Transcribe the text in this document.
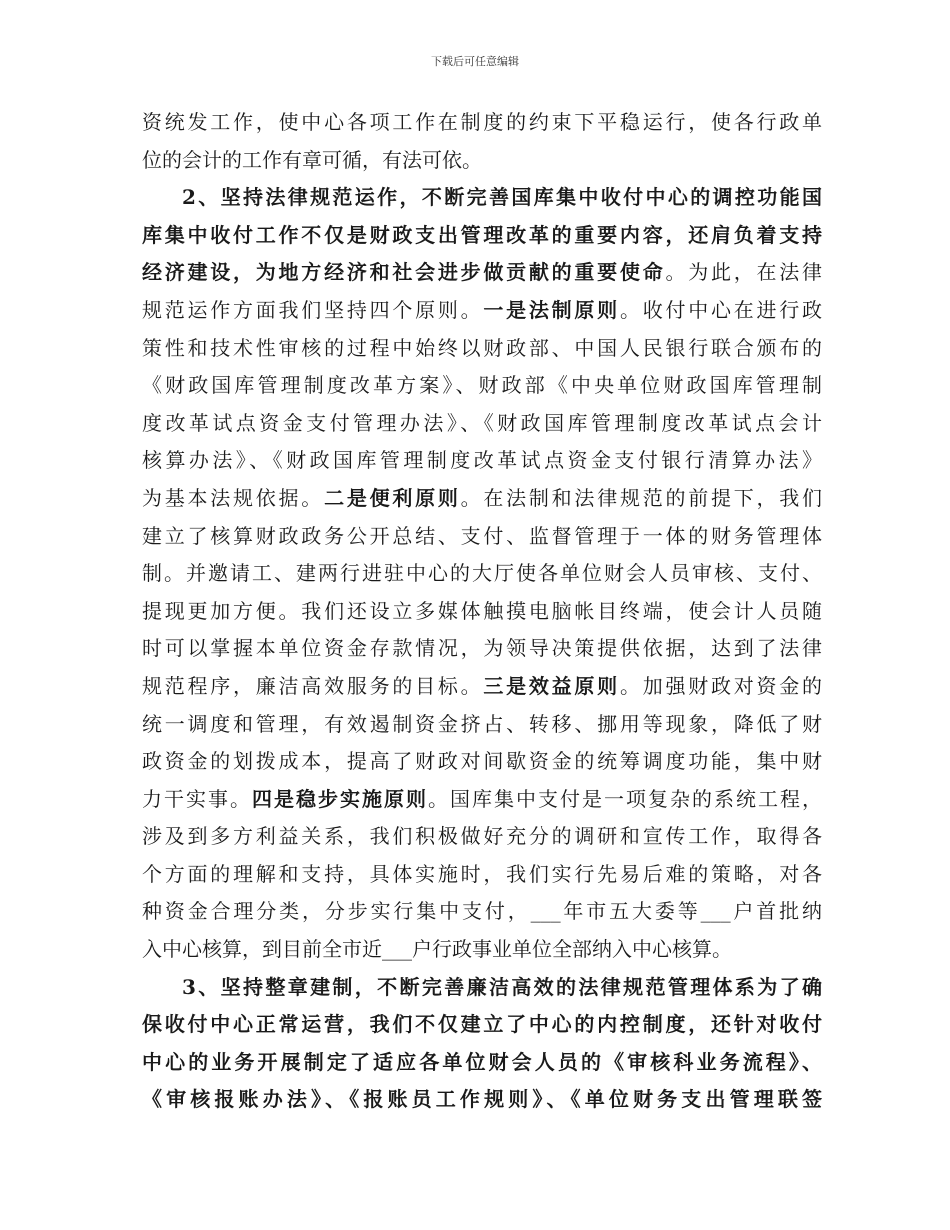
下载后可任意编辑
资统发工作，使中心各项工作在制度的约束下平稳运行，使各行政单
位的会计的工作有章可循，有法可依。
2、坚持法律规范运作，不断完善国库集中收付中心的调控功能国
库集中收付工作不仅是财政支出管理改革的重要内容，还肩负着支持
经济建设，为地方经济和社会进步做贡献的重要使命。为此，在法律
规范运作方面我们坚持四个原则。一是法制原则。收付中心在进行政
策性和技术性审核的过程中始终以财政部、中国人民银行联合颁布的
《财政国库管理制度改革方案》、财政部《中央单位财政国库管理制
度改革试点资金支付管理办法》、《财政国库管理制度改革试点会计
核算办法》、《财政国库管理制度改革试点资金支付银行清算办法》
为基本法规依据。二是便利原则。在法制和法律规范的前提下，我们
建立了核算财政政务公开总结、支付、监督管理于一体的财务管理体
制。并邀请工、建两行进驻中心的大厅使各单位财会人员审核、支付、
提现更加方便。我们还设立多媒体触摸电脑帐目终端，使会计人员随
时可以掌握本单位资金存款情况，为领导决策提供依据，达到了法律
规范程序，廉洁高效服务的目标。三是效益原则。加强财政对资金的
统一调度和管理，有效遏制资金挤占、转移、挪用等现象，降低了财
政资金的划拨成本，提高了财政对间歇资金的统筹调度功能，集中财
力干实事。四是稳步实施原则。国库集中支付是一项复杂的系统工程，
涉及到多方利益关系，我们积极做好充分的调研和宣传工作，取得各
个方面的理解和支持，具体实施时，我们实行先易后难的策略，对各
种资金合理分类，分步实行集中支付，___年市五大委等___户首批纳
入中心核算，到目前全市近___户行政事业单位全部纳入中心核算。
3、坚持整章建制，不断完善廉洁高效的法律规范管理体系为了确
保收付中心正常运营，我们不仅建立了中心的内控制度，还针对收付
中心的业务开展制定了适应各单位财会人员的《审核科业务流程》、
《审核报账办法》、《报账员工作规则》、《单位财务支出管理联签
